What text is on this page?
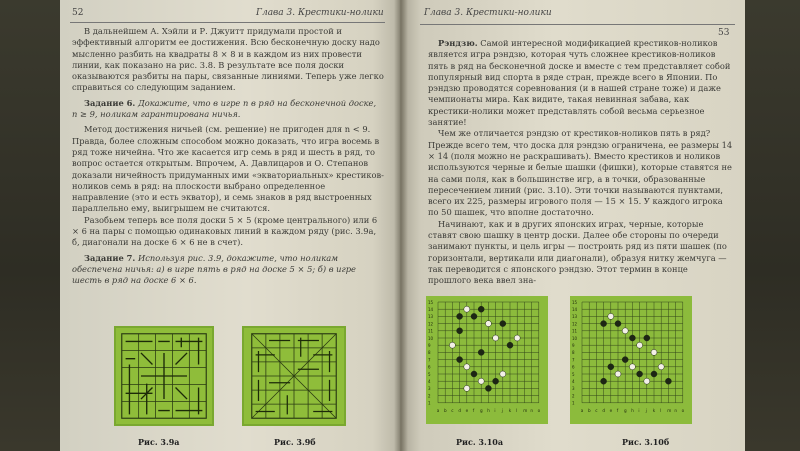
52	Глава 3. Крестики-нолики

В дальнейшем А. Хэйли и Р. Джуитт придумали простой и эффективный алгоритм ее достижения. Всю бесконечную доску надо мысленно разбить на квадраты 8 × 8 и в каждом из них провести линии, как показано на рис. 3.8. В результате все поля доски оказываются разбиты на пары, связанные линиями. Теперь уже легко справиться со следующим заданием.

Задание 6. Докажите, что в игре n в ряд на бесконечной доске, n ≥ 9, ноликам гарантирована ничья.

Метод достижения ничьей (см. решение) не пригоден для n < 9. Правда, более сложным способом можно доказать, что игра восемь в ряд тоже ничейна. Что же касается игр семь в ряд и шесть в ряд, то вопрос остается открытым. Впрочем, А. Давлицаров и О. Степанов доказали ничейность придуманных ими «экваториальных» крестиков-ноликов семь в ряд: на плоскости выбрано определенное направление (это и есть экватор), и семь знаков в ряд выстроенных параллельно ему, выигрышем не считаются.

Разобьем теперь все поля доски 5 × 5 (кроме центрального) или 6 × 6 на пары с помощью одинаковых линий в каждом ряду (рис. 3.9а, б, диагонали на доске 6 × 6 не в счет).

Задание 7. Используя рис. 3.9, докажите, что ноликам обеспечена ничья: а) в игре пять в ряд на доске 5 × 5; б) в игре шесть в ряд на доске 6 × 6.

Рис. 3.9а	Рис. 3.9б
Глава 3. Крестики-нолики
53

Рэндзю. Самой интересной модификацией крестиков-ноликов является игра рэндзю, которая чуть сложнее крестиков-ноликов пять в ряд на бесконечной доске и вместе с тем представляет собой популярный вид спорта в ряде стран, прежде всего в Японии. По рэндзю проводятся соревнования (и в нашей стране тоже) и даже чемпионаты мира. Как видите, такая невинная забава, как крестики-нолики может представлять собой весьма серьезное занятие!

Чем же отличается рэндзю от крестиков-ноликов пять в ряд? Прежде всего тем, что доска для рэндзю ограничена, ее размеры 14 × 14 (поля можно не раскрашивать). Вместо крестиков и ноликов используются черные и белые шашки (фишки), которые ставятся не на сами поля, как в большинстве игр, а в точки, образованные пересечением линий (рис. 3.10). Эти точки называются пунктами, всего их 225, размеры игрового поля — 15 × 15. У каждого игрока по 50 шашек, что вполне достаточно.

Начинают, как и в других японских играх, черные, которые ставят свою шашку в центр доски. Далее обе стороны по очереди занимают пункты, и цель игры — построить ряд из пяти шашек (по горизонтали, вертикали или диагонали), образуя нитку жемчуга — так переводится с японского рэндзю. Этот термин в конце прошлого века ввел зна-

15
a
14
b
13
c
12
d
11
e
10
f
9
g
8
h
7
i
6
j
5
k
4
l
3
m
2
n
1
o
Рис. 3.10а
15
a
14
b
13
c
12
d
11
e
10
f
9
g
8
h
7
i
6
j
5
k
4
l
3
m
2
n
1
o
Рис. 3.10б
